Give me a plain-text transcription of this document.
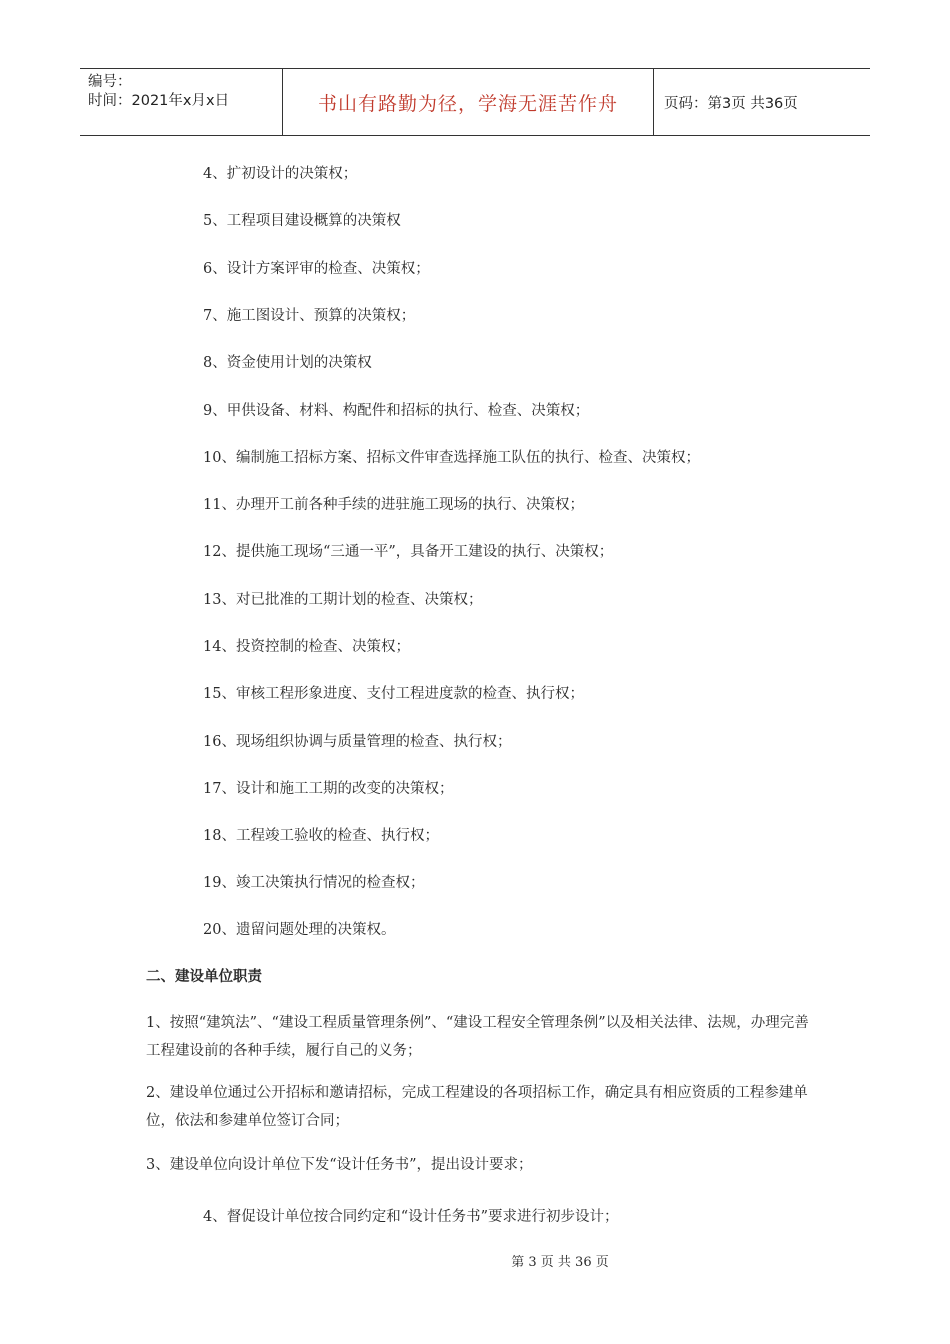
编号：
时间：2021年x月x日	书山有路勤为径，学海无涯苦作舟	页码：第3页 共36页
4、扩初设计的决策权；
5、工程项目建设概算的决策权
6、设计方案评审的检查、决策权；
7、施工图设计、预算的决策权；
8、资金使用计划的决策权
9、甲供设备、材料、构配件和招标的执行、检查、决策权；
10、编制施工招标方案、招标文件审查选择施工队伍的执行、检查、决策权；
11、办理开工前各种手续的进驻施工现场的执行、决策权；
12、提供施工现场“三通一平”，具备开工建设的执行、决策权；
13、对已批准的工期计划的检查、决策权；
14、投资控制的检查、决策权；
15、审核工程形象进度、支付工程进度款的检查、执行权；
16、现场组织协调与质量管理的检查、执行权；
17、设计和施工工期的改变的决策权；
18、工程竣工验收的检查、执行权；
19、竣工决策执行情况的检查权；
20、遗留问题处理的决策权。
二、建设单位职责
1、按照“建筑法”、“建设工程质量管理条例”、“建设工程安全管理条例”以及相关法律、法规，办理完善工程建设前的各种手续，履行自己的义务；
2、建设单位通过公开招标和邀请招标，完成工程建设的各项招标工作，确定具有相应资质的工程参建单位，依法和参建单位签订合同；
3、建设单位向设计单位下发“设计任务书”，提出设计要求；
4、督促设计单位按合同约定和“设计任务书”要求进行初步设计；
第 3 页 共 36 页
